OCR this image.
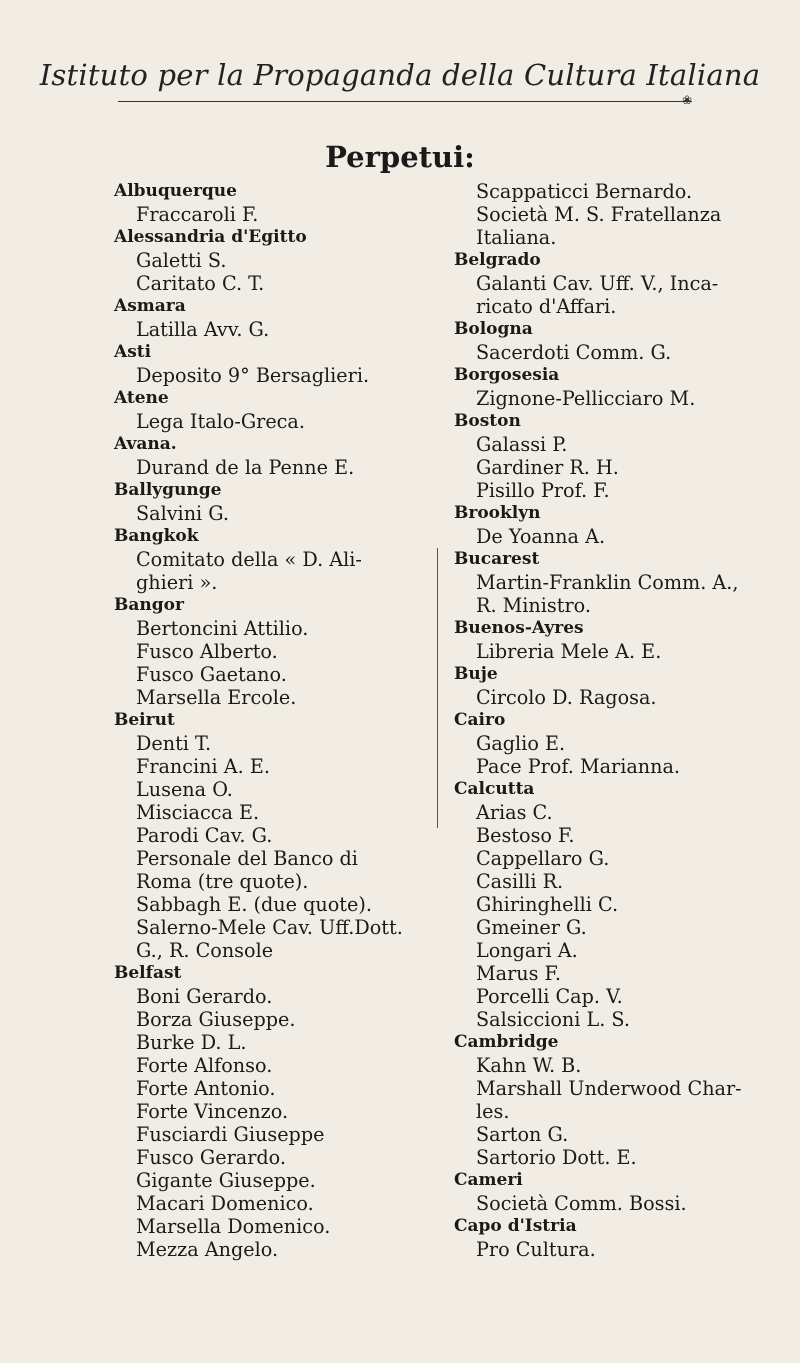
Istituto per la Propaganda della Cultura Italiana
❀
Perpetui:

Albuquerque

Fraccaroli F.

Alessandria d'Egitto

Galetti S.

Caritato C. T.

Asmara

Latilla Avv. G.

Asti

Deposito 9° Bersaglieri.

Atene

Lega Italo-Greca.

Avana.

Durand de la Penne E.

Ballygunge

Salvini G.

Bangkok

Comitato della « D. Ali-

ghieri ».

Bangor

Bertoncini Attilio.

Fusco Alberto.

Fusco Gaetano.

Marsella Ercole.

Beirut

Denti T.

Francini A. E.

Lusena O.

Misciacca E.

Parodi Cav. G.

Personale del Banco di

Roma (tre quote).

Sabbagh E. (due quote).

Salerno-Mele Cav. Uff.Dott.

G., R. Console

Belfast

Boni Gerardo.

Borza Giuseppe.

Burke D. L.

Forte Alfonso.

Forte Antonio.

Forte Vincenzo.

Fusciardi Giuseppe

Fusco Gerardo.

Gigante Giuseppe.

Macari Domenico.

Marsella Domenico.

Mezza Angelo.

Scappaticci Bernardo.

Società M. S. Fratellanza

Italiana.

Belgrado

Galanti Cav. Uff. V., Inca-

ricato d'Affari.

Bologna

Sacerdoti Comm. G.

Borgosesia

Zignone-Pellicciaro M.

Boston

Galassi P.

Gardiner R. H.

Pisillo Prof. F.

Brooklyn

De Yoanna A.

Bucarest

Martin-Franklin Comm. A.,

R. Ministro.

Buenos-Ayres

Libreria Mele A. E.

Buje

Circolo D. Ragosa.

Cairo

Gaglio E.

Pace Prof. Marianna.

Calcutta

Arias C.

Bestoso F.

Cappellaro G.

Casilli R.

Ghiringhelli C.

Gmeiner G.

Longari A.

Marus F.

Porcelli Cap. V.

Salsiccioni L. S.

Cambridge

Kahn W. B.

Marshall Underwood Char-

les.

Sarton G.

Sartorio Dott. E.

Cameri

Società Comm. Bossi.

Capo d'Istria

Pro Cultura.
